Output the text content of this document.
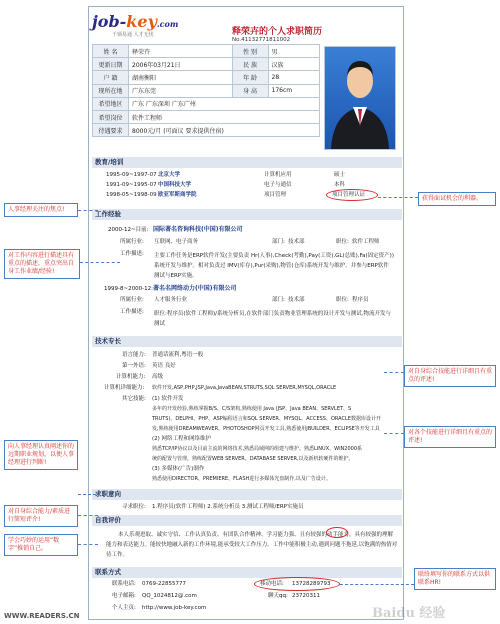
job-key.com
千锁易通 人才无忧	释荣卉的个人求职简历
No.41132771811002
姓 名	释荣卉	性 别	男
更新日期	2006年03月21日	民 族	汉族
户 籍	湖南衡阳	年 龄	28
现所在地	广东东莞	身 高	176cm
希望地区	广东 广东深圳 广东广州		
希望岗位	软件工程师		
待遇要求	8000元/月 (可面议 要求提供住宿)		
教育/培训
1995-09~1997-07 北京大学	计算机应用	硕士
1991-09~1995-07 中国科技大学	电子与通信	本科
1998-05~1998-09 欧亚军斯商学院	项目管理	项目管理认证
工作经验
2000-12~目前: 国际著名咨询科技(中国)有限公司
所属行业: 互联网、电子商务	部门: 技术部	职位: 软件工程师
工作描述: 主要工作任务是ERP软件开发(主要负责 Hr(人事),Check(考勤),Pay(工资),GL(总账),Fa(固定资产))系统开发与维护。相对负责过 IMV(库存),Pur(采购),物管(仓库)系统开发与维护。并参与ERP软件测试与ERP实施。
1999-8~2000-12: 著名名网络动力(中国)有限公司
所属行业: 人才服务行业	部门: 技术部	职位: 程序员
工作描述: 职位:程序员(软件工程师)/系统分析员,在软件部门负责物业管理系统的设计开发与测试,物流开发与测试
技术专长
语言能力: 普通话流利,粤语一般
第一外语: 英语 良好
计算机能力: 高级
计算机详细能力: 软件开发,ASP,PHP,JSP,Java,JavaBEAN,STRUTS,SQL SERVER,MYSQL,ORACLE
其它技能: (1) 软件开发
多年的开发经验,熟练掌握B/S、C/S架构,熟练使用 Java (JSP、Java BEAN、SERVLET、S
TRUTS)、DELPHI、PHP、ASP编程语言和SQL SERVER、MYSQL、ACCESS、ORACLE数据库设计开
发,熟练使用DREAMWEAVER、PHOTOSHOP网页开发工具,熟悉使用JBUILDER、ECLIPSE等开发工具
(2) 网络工程和网络维护
熟悉TCP/IP协议以及目前主流的网络技术,熟悉局域网的组建与维护。熟悉LINUX、WIN2000系
统的配置与管理。熟练配置WEB SERVER、DATABASE SERVER,以及新机软硬件的维护。
(3) 多媒体(广告)制作
熟悉使用DIRECTOR、PREMIERE、FLASH进行多媒体光盘制作,以及广告设计。
求职意向
寻求职位: 1.程序员(软件工程师) 2.系统分析员 3.测试工程师/ERP实施员
自我评价
本人乐观进取、诚实守信、工作认真负责、有团队合作精神、学习能力强、且有较强的动手能力。具有较强的理解能力和表达能力。能较快地融入新的工作环境,能承受较大工作压力。工作中能积极主动,遇到问题不拖延,以饱满的热情对待工作。
联系方式
联系电话: 0769-22855777	移动电话: 13728289793
电子邮箱: QQ_1024812@.com	聊天qq: 23720311
个人主页: http://www.job-key.com
人事经理关注的焦点!
对工作内容进行描述具有重点的描述，重点突出自身工作业绩/经验!
向人事经理认真阐述你的远期职业规划，以便人事经理进行判断!
对自身综合能力/素质进行简短评介!
学会巧妙的运用“数字”推销自己。
获得面试机会的利器。
对自身综合技能进行详细且有重点的评述!
对各个技能进行详细且有重点的评述!
联络填写你的联系方式以供联系HR!
WWW.READERS.CN	Baidu 经验
